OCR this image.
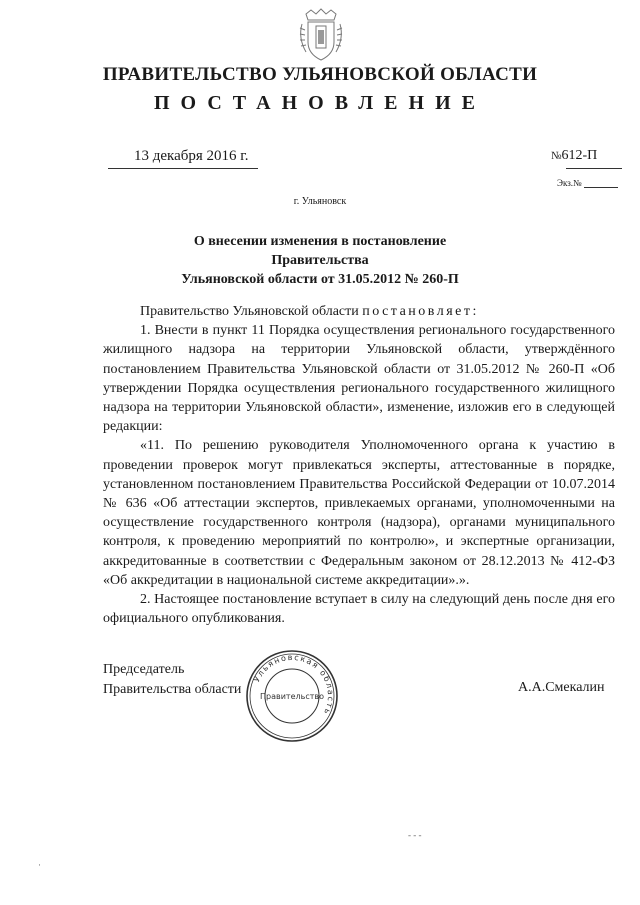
ПРАВИТЕЛЬСТВО УЛЬЯНОВСКОЙ ОБЛАСТИ
ПОСТАНОВЛЕНИЕ
13 декабря 2016 г.	№612-П
Экз.№
г. Ульяновск
О внесении изменения в постановление Правительства
Ульяновской области от 31.05.2012 № 260-П

Правительство Ульяновской области постановляет:

1. Внести в пункт 11 Порядка осуществления регионального государственного жилищного надзора на территории Ульяновской области, утверждённого постановлением Правительства Ульяновской области от 31.05.2012 № 260-П «Об утверждении Порядка осуществления регионального государственного жилищного надзора на территории Ульяновской области», изменение, изложив его в следующей редакции:

«11. По решению руководителя Уполномоченного органа к участию в проведении проверок могут привлекаться эксперты, аттестованные в порядке, установленном постановлением Правительства Российской Федерации от 10.07.2014 № 636 «Об аттестации экспертов, привлекаемых органами, уполномоченными на осуществление государственного контроля (надзора), органами муниципального контроля, к проведению мероприятий по контролю», и экспертные организации, аккредитованные в соответствии с Федеральным законом от 28.12.2013 № 412-ФЗ «Об аккредитации в национальной системе аккредитации».».

2. Настоящее постановление вступает в силу на следующий день после дня его официального опубликования.

Председатель
Правительства области	А.А.Смекалин
Ульяновская область
Правительство
- - -
·
